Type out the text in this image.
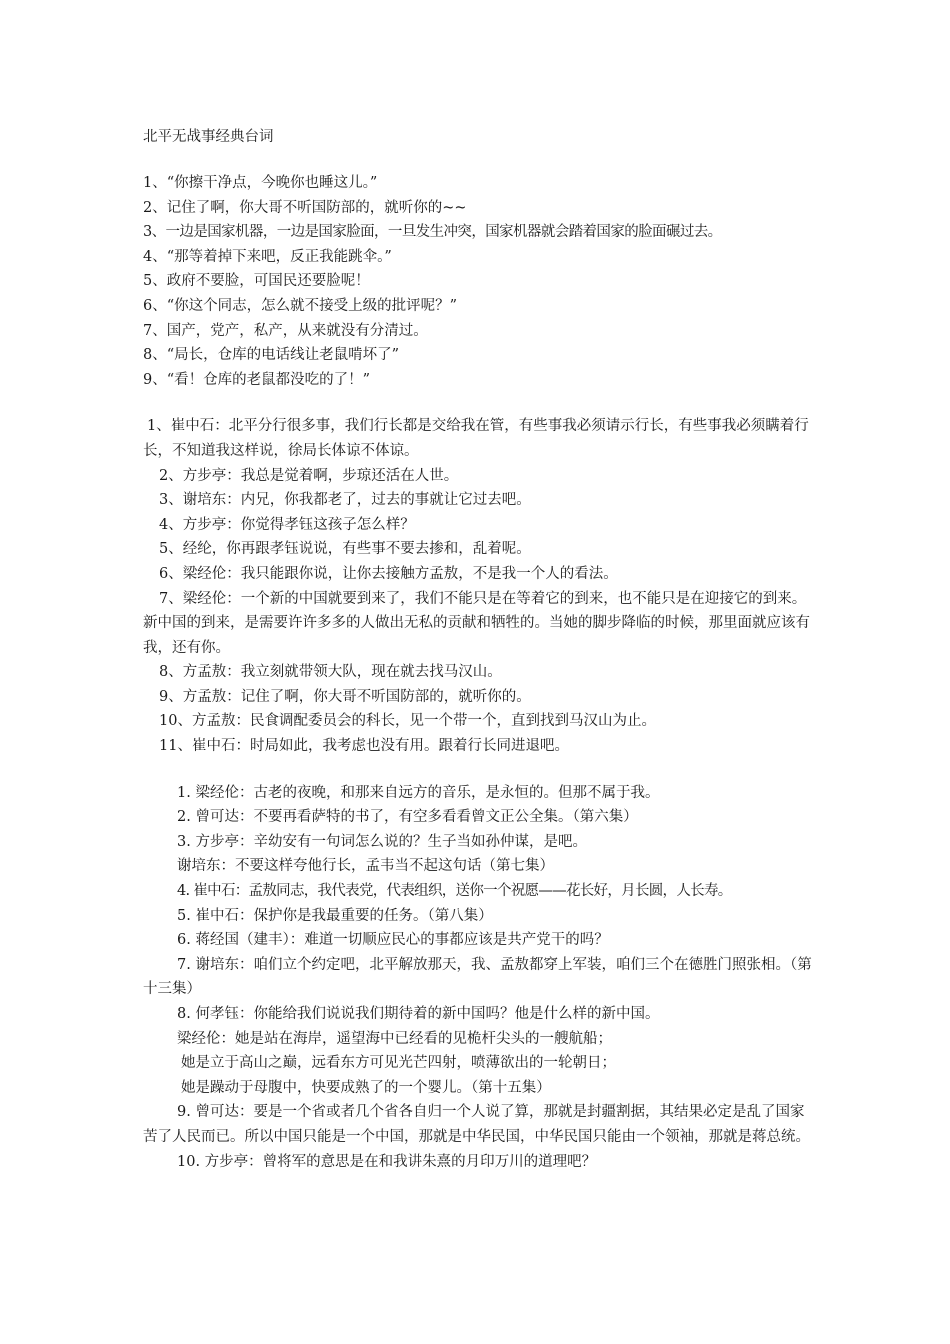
北平无战事经典台词
1、“你擦干净点，今晚你也睡这儿。”
2、记住了啊，你大哥不听国防部的，就听你的~~
3、一边是国家机器，一边是国家脸面，一旦发生冲突，国家机器就会踏着国家的脸面碾过去。
4、“那等着掉下来吧，反正我能跳伞。”
5、政府不要脸，可国民还要脸呢！
6、“你这个同志，怎么就不接受上级的批评呢？”
7、国产，党产，私产，从来就没有分清过。
8、“局长，仓库的电话线让老鼠啃坏了”
9、“看！仓库的老鼠都没吃的了！”
1、崔中石：北平分行很多事，我们行长都是交给我在管，有些事我必须请示行长，有些事我必须瞒着行长，不知道我这样说，徐局长体谅不体谅。
2、方步亭：我总是觉着啊，步琼还活在人世。
3、谢培东：内兄，你我都老了，过去的事就让它过去吧。
4、方步亭：你觉得孝钰这孩子怎么样？
5、经纶，你再跟孝钰说说，有些事不要去掺和，乱着呢。
6、梁经伦：我只能跟你说，让你去接触方孟敖，不是我一个人的看法。
7、梁经伦：一个新的中国就要到来了，我们不能只是在等着它的到来，也不能只是在迎接它的到来。新中国的到来，是需要许许多多的人做出无私的贡献和牺牲的。当她的脚步降临的时候，那里面就应该有我，还有你。
8、方孟敖：我立刻就带领大队，现在就去找马汉山。
9、方孟敖：记住了啊，你大哥不听国防部的，就听你的。
10、方孟敖：民食调配委员会的科长，见一个带一个，直到找到马汉山为止。
11、崔中石：时局如此，我考虑也没有用。跟着行长同进退吧。
1. 梁经伦：古老的夜晚，和那来自远方的音乐，是永恒的。但那不属于我。
2. 曾可达：不要再看萨特的书了，有空多看看曾文正公全集。（第六集）
3. 方步亭：辛幼安有一句词怎么说的？生子当如孙仲谋，是吧。
谢培东：不要这样夸他行长，孟韦当不起这句话（第七集）
4. 崔中石：孟敖同志，我代表党，代表组织，送你一个祝愿——花长好，月长圆，人长寿。
5. 崔中石：保护你是我最重要的任务。（第八集）
6. 蒋经国（建丰）：难道一切顺应民心的事都应该是共产党干的吗？
7. 谢培东：咱们立个约定吧，北平解放那天，我、孟敖都穿上军装，咱们三个在德胜门照张相。（第十三集）
8. 何孝钰：你能给我们说说我们期待着的新中国吗？他是什么样的新中国。
梁经伦：她是站在海岸，遥望海中已经看的见桅杆尖头的一艘航船；
她是立于高山之巅，远看东方可见光芒四射，喷薄欲出的一轮朝日；
她是躁动于母腹中，快要成熟了的一个婴儿。（第十五集）
9. 曾可达：要是一个省或者几个省各自归一个人说了算，那就是封疆割据，其结果必定是乱了国家苦了人民而已。所以中国只能是一个中国，那就是中华民国，中华民国只能由一个领袖，那就是蒋总统。
10. 方步亭：曾将军的意思是在和我讲朱熹的月印万川的道理吧？
